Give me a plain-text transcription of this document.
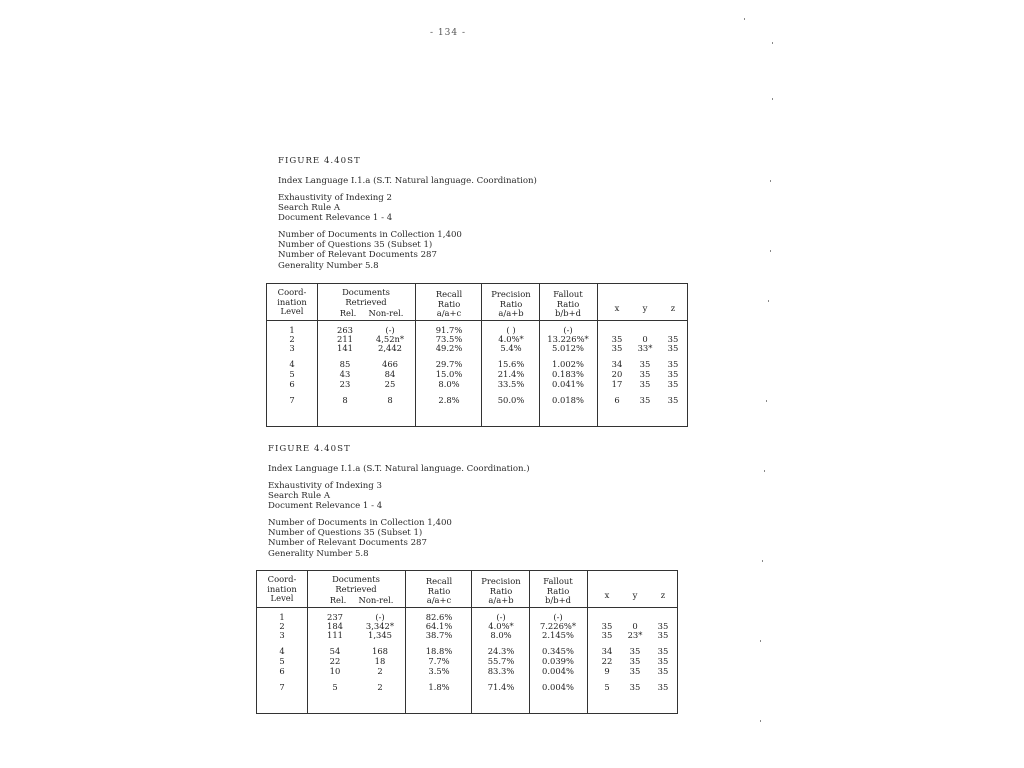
- 134 -
FIGURE 4.40ST
Index Language I.1.a (S.T. Natural language. Coordination)
Exhaustivity of Indexing 2
Search Rule A
Document Relevance 1 - 4
Number of Documents in Collection 1,400
Number of Questions 35 (Subset 1)
Number of Relevant Documents 287
Generality Number 5.8
Coord-
ination
Level
Documents
Retrieved
Recall
Ratio
a/a+c
Precision
Ratio
a/a+b
Fallout
Ratio
b/b+d
x	y	z
Rel.	Non-rel.
1	263	(-)	91.7%	( )	(-)
2	211	4,52n*	73.5%	4.0%*	13.226%*	35	0	35
3	141	2,442	49.2%	5.4%	5.012%	35	33*	35
4	85	466	29.7%	15.6%	1.002%	34	35	35
5	43	84	15.0%	21.4%	0.183%	20	35	35
6	23	25	8.0%	33.5%	0.041%	17	35	35
7	8	8	2.8%	50.0%	0.018%	6	35	35
FIGURE 4.40ST
Index Language I.1.a (S.T. Natural language. Coordination.)
Exhaustivity of Indexing 3
Search Rule A
Document Relevance 1 - 4
Number of Documents in Collection 1,400
Number of Questions 35 (Subset 1)
Number of Relevant Documents 287
Generality Number 5.8
Coord-
ination
Level
Documents
Retrieved
Recall
Ratio
a/a+c
Precision
Ratio
a/a+b
Fallout
Ratio
b/b+d
x	y	z
Rel.	Non-rel.
1	237	(-)	82.6%	(-)	(-)
2	184	3,342*	64.1%	4.0%*	7.226%*	35	0	35
3	111	1,345	38.7%	8.0%	2.145%	35	23*	35
4	54	168	18.8%	24.3%	0.345%	34	35	35
5	22	18	7.7%	55.7%	0.039%	22	35	35
6	10	2	3.5%	83.3%	0.004%	9	35	35
7	5	2	1.8%	71.4%	0.004%	5	35	35
